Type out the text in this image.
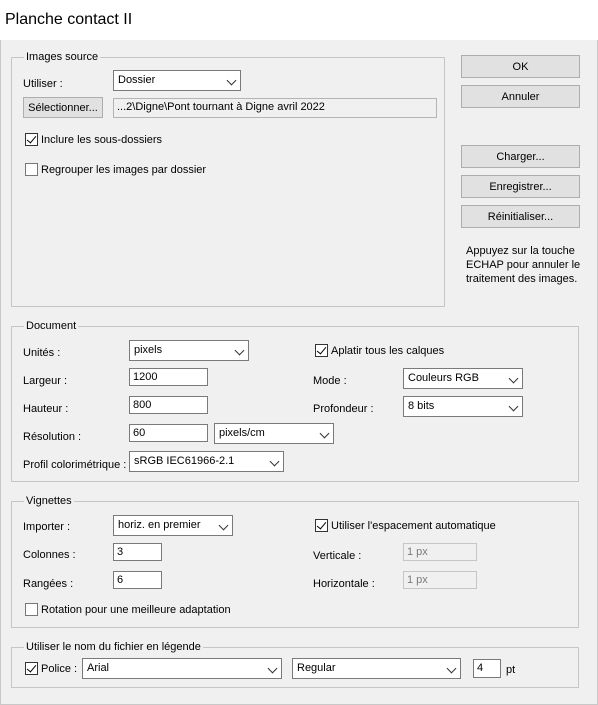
Planche contact II
Images source
Utiliser :	Dossier
Sélectionner...	...2\Digne\Pont tournant à Digne avril 2022
Inclure les sous-dossiers
Regrouper les images par dossier
OK
Annuler
Charger...
Enregistrer...
Réinitialiser...
Appuyez sur la touche ECHAP pour annuler le traitement des images.
Document
Unités :	pixels
Largeur :	1200
Hauteur :	800
Résolution :	60	pixels/cm
Profil colorimétrique : sRGB IEC61966-2.1
Aplatir tous les calques
Mode :	Couleurs RGB
Profondeur :	8 bits
Vignettes
Importer :	horiz. en premier
Colonnes :	3
Rangées :	6
Rotation pour une meilleure adaptation
Utiliser l'espacement automatique
Verticale :	1 px
Horizontale :	1 px
Utiliser le nom du fichier en légende
Police : Arial	Regular	4	pt
